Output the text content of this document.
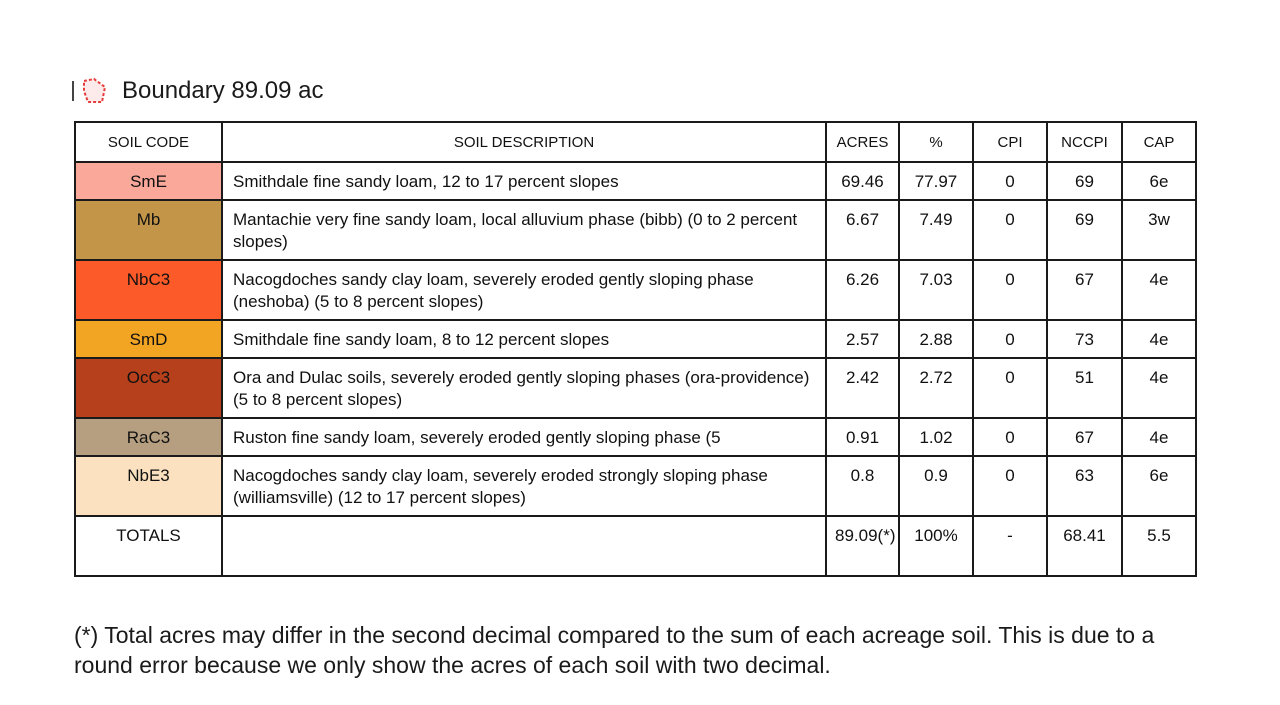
Boundary 89.09 ac
SOIL CODE	SOIL DESCRIPTION	ACRES	%	CPI	NCCPI	CAP
SmE	Smithdale fine sandy loam, 12 to 17 percent slopes	69.46	77.97	0	69	6e
Mb	Mantachie very fine sandy loam, local alluvium phase (bibb) (0 to 2 percent slopes)	6.67	7.49	0	69	3w
NbC3	Nacogdoches sandy clay loam, severely eroded gently sloping phase (neshoba) (5 to 8 percent slopes)	6.26	7.03	0	67	4e
SmD	Smithdale fine sandy loam, 8 to 12 percent slopes	2.57	2.88	0	73	4e
OcC3	Ora and Dulac soils, severely eroded gently sloping phases (ora-providence) (5 to 8 percent slopes)	2.42	2.72	0	51	4e
RaC3	Ruston fine sandy loam, severely eroded gently sloping phase (5	0.91	1.02	0	67	4e
NbE3	Nacogdoches sandy clay loam, severely eroded strongly sloping phase (williamsville) (12 to 17 percent slopes)	0.8	0.9	0	63	6e
TOTALS		89.09(*)	100%	-	68.41	5.5
(*) Total acres may differ in the second decimal compared to the sum of each acreage soil. This is due to a round error because we only show the acres of each soil with two decimal.
